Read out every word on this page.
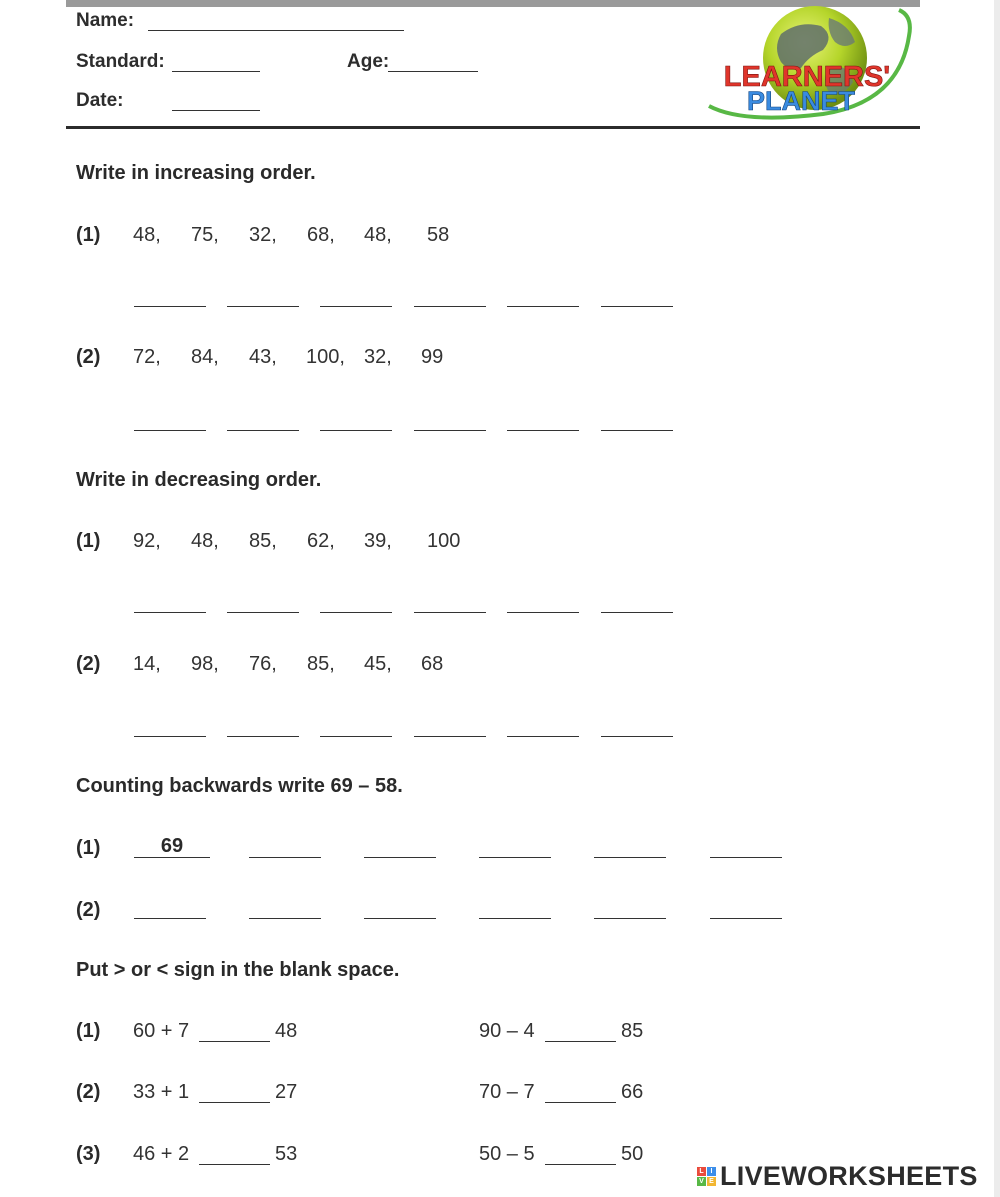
Name:
Standard:	Age:
Date:
LEARNERS'
PLANET
Write in increasing order.
(1) 48, 75, 32, 68, 48, 58
(2) 72, 84, 43, 100, 32, 99
Write in decreasing order.
(1) 92, 48, 85, 62, 39, 100
(2) 14, 98, 76, 85, 45, 68
Counting backwards write 69 – 58.
(1)	69
(2)
Put > or < sign in the blank space.
(1) 60 + 7	48	90 – 4	85
(2) 33 + 1	27	70 – 7	66
(3) 46 + 2	53	50 – 5	50
L I
V E LIVEWORKSHEETS
